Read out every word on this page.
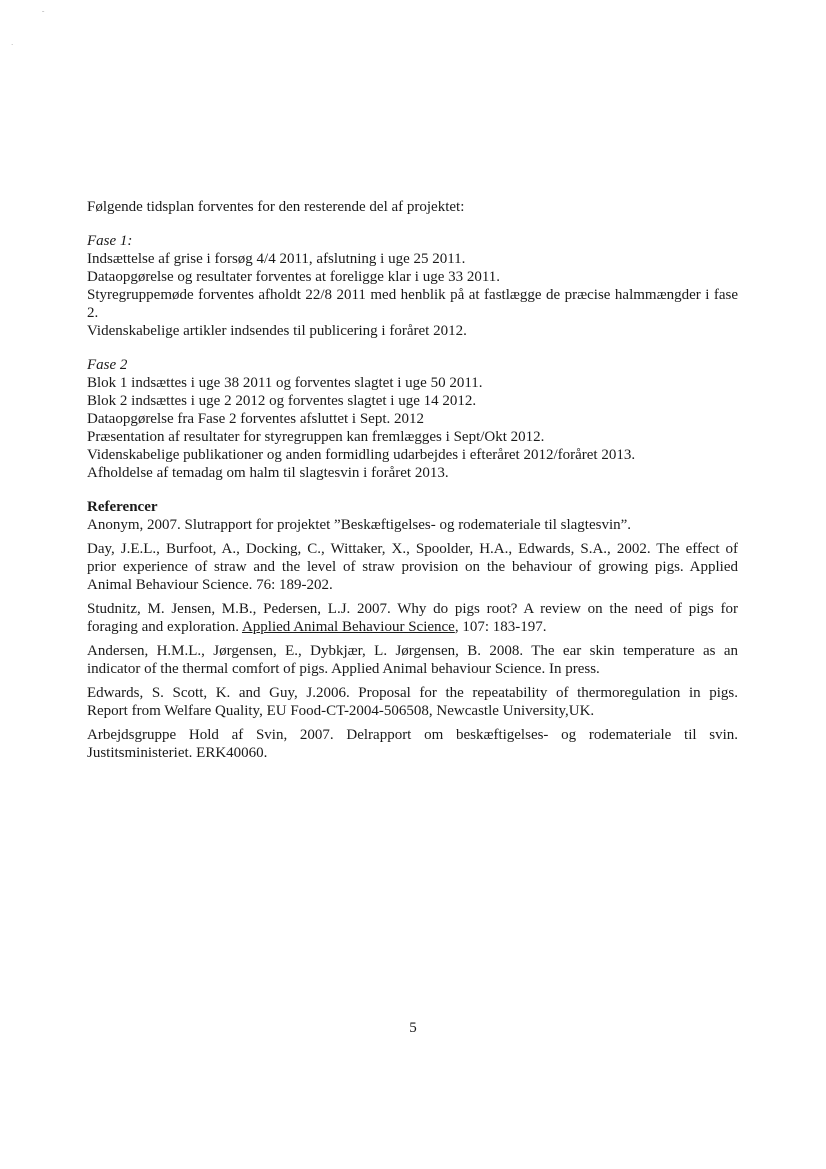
ˇ
ˊ

Følgende tidsplan forventes for den resterende del af projektet:

Fase 1:
Indsættelse af grise i forsøg 4/4 2011, afslutning i uge 25 2011.
Dataopgørelse og resultater forventes at foreligge klar i uge 33 2011.
Styregruppemøde forventes afholdt 22/8 2011 med henblik på at fastlægge de præcise halmmængder i fase 2.
Videnskabelige artikler indsendes til publicering i foråret 2012.
Fase 2
Blok 1 indsættes i uge 38 2011 og forventes slagtet i uge 50 2011.
Blok 2 indsættes i uge 2 2012 og forventes slagtet i uge 14 2012.
Dataopgørelse fra Fase 2 forventes afsluttet i Sept. 2012
Præsentation af resultater for styregruppen kan fremlægges i Sept/Okt 2012.
Videnskabelige publikationer og anden formidling udarbejdes i efteråret 2012/foråret 2013.
Afholdelse af temadag om halm til slagtesvin i foråret 2013.
Referencer
Anonym, 2007. Slutrapport for projektet ”Beskæftigelses- og rodemateriale til slagtesvin”.
Day, J.E.L., Burfoot, A., Docking, C., Wittaker, X., Spoolder, H.A., Edwards, S.A., 2002. The effect of
prior experience of straw and the level of straw provision on the behaviour of growing pigs. Applied
Animal Behaviour Science. 76: 189-202.
Studnitz, M. Jensen, M.B., Pedersen, L.J. 2007. Why do pigs root? A review on the need of pigs for
foraging and exploration. Applied Animal Behaviour Science, 107: 183-197.
Andersen, H.M.L., Jørgensen, E., Dybkjær, L. Jørgensen, B. 2008. The ear skin temperature as an
indicator of the thermal comfort of pigs. Applied Animal behaviour Science. In press.
Edwards, S. Scott, K. and Guy, J.2006. Proposal for the repeatability of thermoregulation in pigs.
Report from Welfare Quality, EU Food-CT-2004-506508, Newcastle University,UK.
Arbejdsgruppe Hold af Svin, 2007. Delrapport om beskæftigelses- og rodemateriale til svin.
Justitsministeriet. ERK40060.
5
